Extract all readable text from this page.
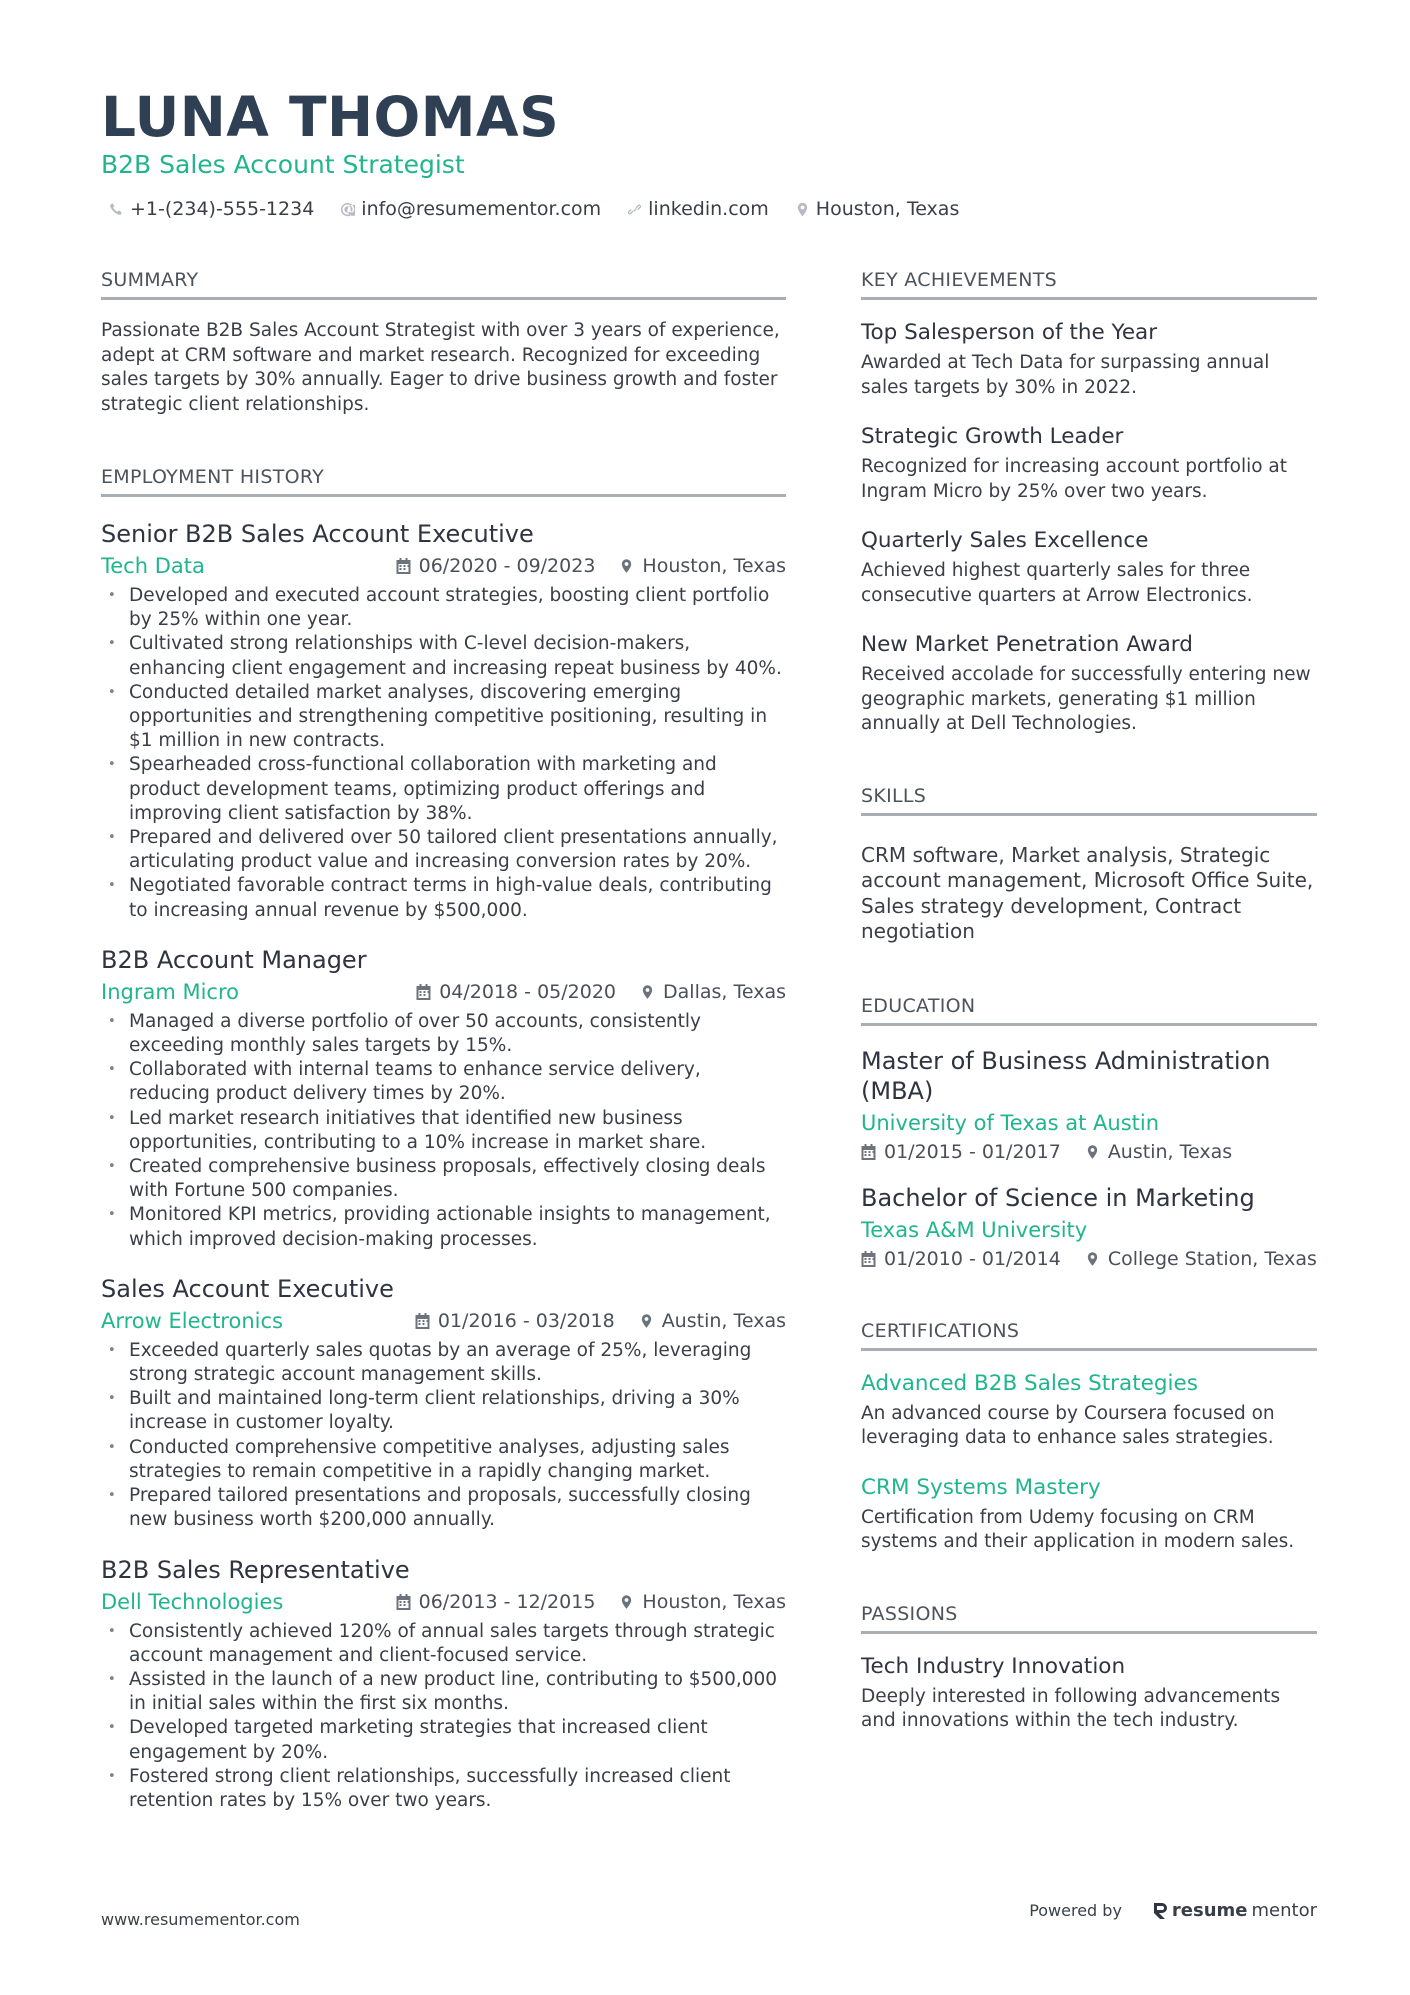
LUNA THOMAS
B2B Sales Account Strategist
+1-(234)-555-1234 info@resumementor.com linkedin.com Houston, Texas
SUMMARY

Passionate B2B Sales Account Strategist with over 3 years of experience, adept at CRM software and market research. Recognized for exceeding sales targets by 30% annually. Eager to drive business growth and foster strategic client relationships.

EMPLOYMENT HISTORY
Senior B2B Sales Account Executive
Tech Data	06/2020 - 09/2023 Houston, Texas
• Developed and executed account strategies, boosting client portfolio by 25% within one year.
• Cultivated strong relationships with C-level decision-makers, enhancing client engagement and increasing repeat business by 40%.
• Conducted detailed market analyses, discovering emerging opportunities and strengthening competitive positioning, resulting in $1 million in new contracts.
• Spearheaded cross-functional collaboration with marketing and product development teams, optimizing product offerings and improving client satisfaction by 38%.
• Prepared and delivered over 50 tailored client presentations annually, articulating product value and increasing conversion rates by 20%.
• Negotiated favorable contract terms in high-value deals, contributing to increasing annual revenue by $500,000.
B2B Account Manager
Ingram Micro	04/2018 - 05/2020 Dallas, Texas
• Managed a diverse portfolio of over 50 accounts, consistently exceeding monthly sales targets by 15%.
• Collaborated with internal teams to enhance service delivery, reducing product delivery times by 20%.
• Led market research initiatives that identified new business opportunities, contributing to a 10% increase in market share.
• Created comprehensive business proposals, effectively closing deals with Fortune 500 companies.
• Monitored KPI metrics, providing actionable insights to management, which improved decision-making processes.
Sales Account Executive
Arrow Electronics	01/2016 - 03/2018 Austin, Texas
• Exceeded quarterly sales quotas by an average of 25%, leveraging strong strategic account management skills.
• Built and maintained long-term client relationships, driving a 30% increase in customer loyalty.
• Conducted comprehensive competitive analyses, adjusting sales strategies to remain competitive in a rapidly changing market.
• Prepared tailored presentations and proposals, successfully closing new business worth $200,000 annually.
B2B Sales Representative
Dell Technologies	06/2013 - 12/2015 Houston, Texas
• Consistently achieved 120% of annual sales targets through strategic account management and client-focused service.
• Assisted in the launch of a new product line, contributing to $500,000 in initial sales within the first six months.
• Developed targeted marketing strategies that increased client engagement by 20%.
• Fostered strong client relationships, successfully increased client retention rates by 15% over two years.
KEY ACHIEVEMENTS
Top Salesperson of the Year
Awarded at Tech Data for surpassing annual sales targets by 30% in 2022.
Strategic Growth Leader
Recognized for increasing account portfolio at Ingram Micro by 25% over two years.
Quarterly Sales Excellence
Achieved highest quarterly sales for three consecutive quarters at Arrow Electronics.
New Market Penetration Award
Received accolade for successfully entering new geographic markets, generating $1 million annually at Dell Technologies.
SKILLS
CRM software, Market analysis, Strategic account management, Microsoft Office Suite, Sales strategy development, Contract negotiation
EDUCATION
Master of Business Administration (MBA)
University of Texas at Austin
01/2015 - 01/2017 Austin, Texas
Bachelor of Science in Marketing
Texas A&M University
01/2010 - 01/2014 College Station, Texas
CERTIFICATIONS
Advanced B2B Sales Strategies
An advanced course by Coursera focused on leveraging data to enhance sales strategies.
CRM Systems Mastery
Certification from Udemy focusing on CRM systems and their application in modern sales.
PASSIONS
Tech Industry Innovation
Deeply interested in following advancements and innovations within the tech industry.
www.resumementor.com	Powered by	resume mentor
